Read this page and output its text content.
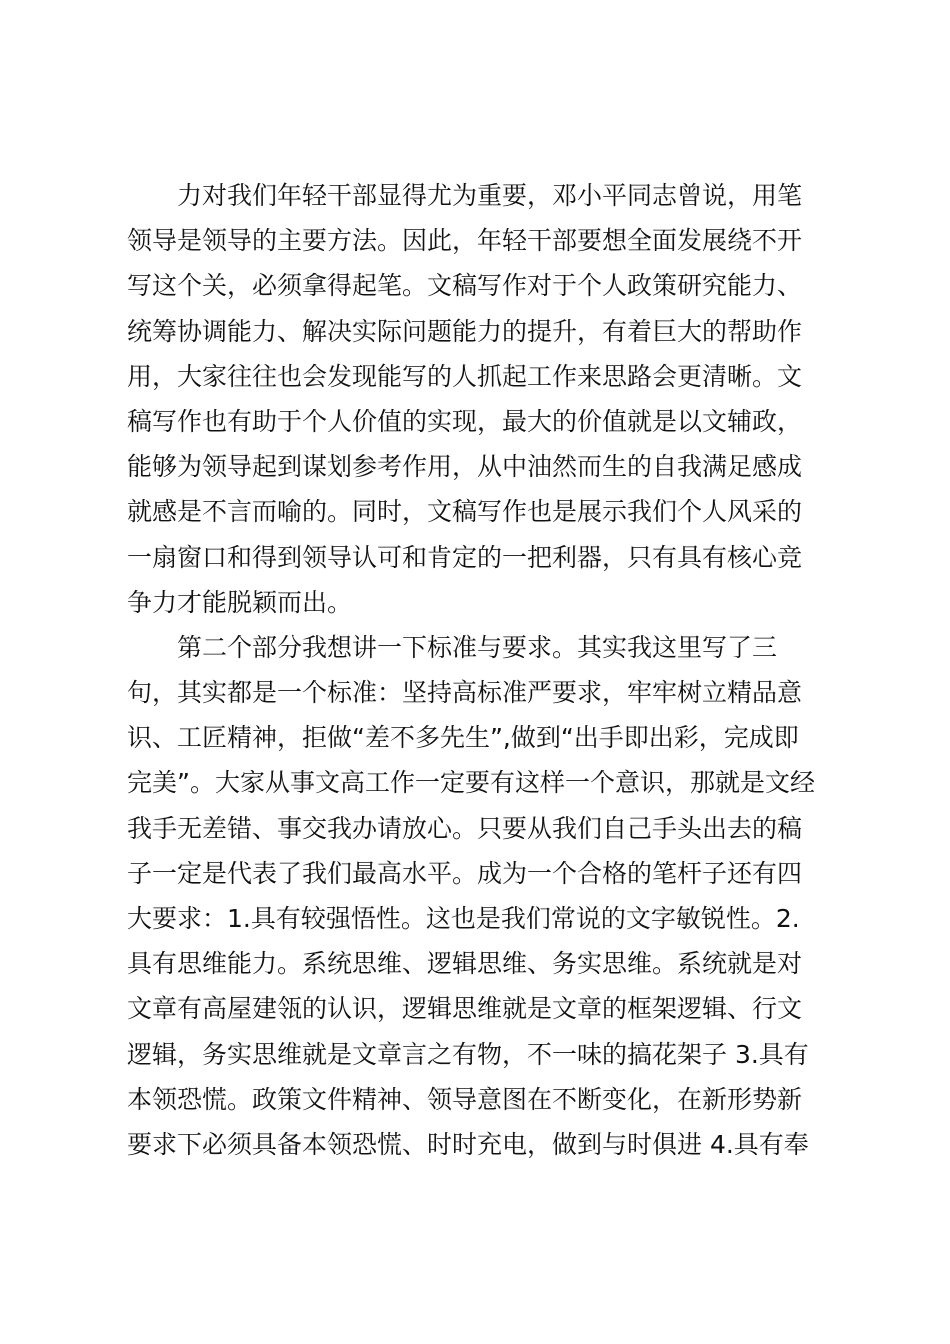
力对我们年轻干部显得尤为重要，邓小平同志曾说，用笔
领导是领导的主要方法。因此，年轻干部要想全面发展绕不开
写这个关，必须拿得起笔。文稿写作对于个人政策研究能力、
统筹协调能力、解决实际问题能力的提升，有着巨大的帮助作
用，大家往往也会发现能写的人抓起工作来思路会更清晰。文
稿写作也有助于个人价值的实现，最大的价值就是以文辅政，
能够为领导起到谋划参考作用，从中油然而生的自我满足感成
就感是不言而喻的。同时，文稿写作也是展示我们个人风采的
一扇窗口和得到领导认可和肯定的一把利器，只有具有核心竞
争力才能脱颖而出。
第二个部分我想讲一下标准与要求。其实我这里写了三
句，其实都是一个标准：坚持高标准严要求，牢牢树立精品意
识、工匠精神，拒做“差不多先生”,做到“出手即出彩，完成即
完美”。大家从事文高工作一定要有这样一个意识，那就是文经
我手无差错、事交我办请放心。只要从我们自己手头出去的稿
子一定是代表了我们最高水平。成为一个合格的笔杆子还有四
大要求：1.具有较强悟性。这也是我们常说的文字敏锐性。2.
具有思维能力。系统思维、逻辑思维、务实思维。系统就是对
文章有高屋建瓴的认识，逻辑思维就是文章的框架逻辑、行文
逻辑，务实思维就是文章言之有物，不一味的搞花架子 3.具有
本领恐慌。政策文件精神、领导意图在不断变化，在新形势新
要求下必须具备本领恐慌、时时充电，做到与时俱进 4.具有奉
